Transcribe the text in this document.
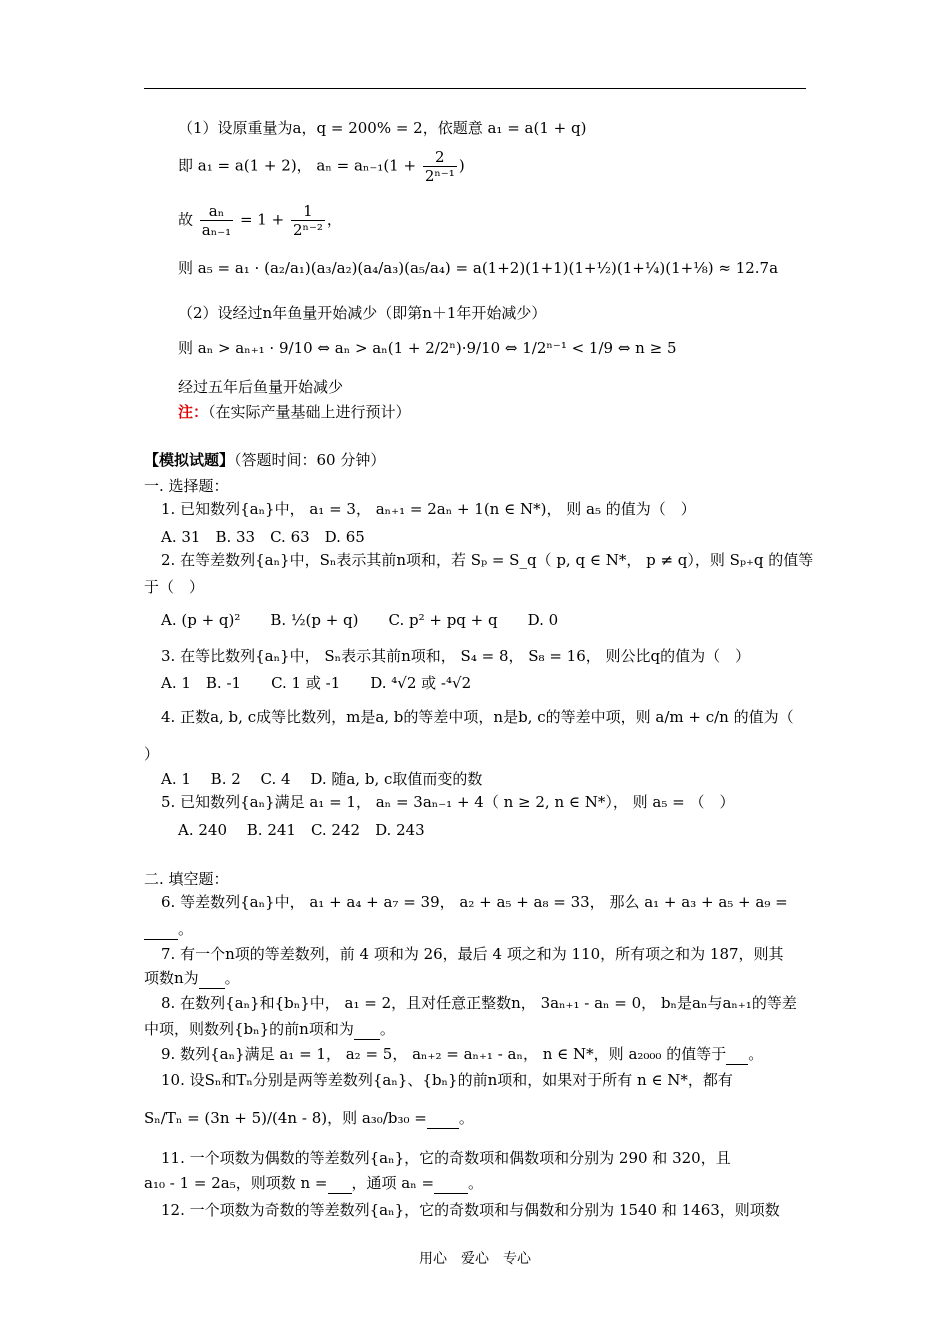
（1）设原重量为a，q = 200% = 2，依题意 a₁ = a(1 + q)
即 a₁ = a(1 + 2)， $a_n = a_{n-1}(1 + \frac{2}{\text{2ⁿ⁻¹}}$ )
故 $\frac{\text{aₙ}}{\text{aₙ₋₁}} = 1 + \frac{1}{\text{2ⁿ⁻²}}$ ，
则 a₅ = a₁ · (a₂/a₁)(a₃/a₂)(a₄/a₃)(a₅/a₄) = a(1+2)(1+1)(1+½)(1+¼)(1+⅛) ≈ 12.7a
（2）设经过n年鱼量开始减少（即第n＋1年开始减少）
则 aₙ > aₙ₊₁ · 9/10 ⇔ aₙ > aₙ(1 + 2/2ⁿ)·9/10 ⇔ 1/2ⁿ⁻¹ < 1/9 ⇔ n ≥ 5
经过五年后鱼量开始减少
注：（在实际产量基础上进行预计）
【模拟试题】（答题时间：60 分钟）
一. 选择题：
1. 已知数列{aₙ}中， a₁ = 3， aₙ₊₁ = 2aₙ + 1(n ∈ N*)， 则 a₅ 的值为（　）
A. 31　B. 33　C. 63　D. 65
2. 在等差数列{aₙ}中，Sₙ表示其前n项和，若 Sₚ = S_q（ p, q ∈ N*， p ≠ q），则 Sₚ₊q 的值等
于（　）
A. (p + q)²　　B. ½(p + q)　　C. p² + pq + q　　D. 0
3. 在等比数列{aₙ}中， Sₙ表示其前n项和， S₄ = 8， S₈ = 16， 则公比q的值为（　）
A. 1　B. -1　　C. 1 或 -1　　D. ⁴√2 或 -⁴√2
4. 正数a, b, c成等比数列，m是a, b的等差中项，n是b, c的等差中项，则 a/m + c/n 的值为（
）
A. 1　 B. 2　 C. 4　 D. 随a, b, c取值而变的数
5. 已知数列{aₙ}满足 a₁ = 1， aₙ = 3aₙ₋₁ + 4（ n ≥ 2, n ∈ N*）， 则 a₅ = （　）
A. 240　 B. 241　C. 242　D. 243
二. 填空题：
6. 等差数列{aₙ}中， a₁ + a₄ + a₇ = 39， a₂ + a₅ + a₈ = 33， 那么 a₁ + a₃ + a₅ + a₉ =
。
7. 有一个n项的等差数列，前 4 项和为 26，最后 4 项之和为 110，所有项之和为 187，则其
项数n为 。
8. 在数列{aₙ}和{bₙ}中， a₁ = 2，且对任意正整数n， 3aₙ₊₁ - aₙ = 0， bₙ是aₙ与aₙ₊₁的等差
中项，则数列{bₙ}的前n项和为 。
9. 数列{aₙ}满足 a₁ = 1， a₂ = 5， aₙ₊₂ = aₙ₊₁ - aₙ， n ∈ N*，则 a₂₀₀₀ 的值等于 。
10. 设Sₙ和Tₙ分别是两等差数列{aₙ}、{bₙ}的前n项和，如果对于所有 n ∈ N*，都有
Sₙ/Tₙ = (3n + 5)/(4n - 8)，则 a₃₀/b₃₀ = 。
11. 一个项数为偶数的等差数列{aₙ}，它的奇数项和偶数项和分别为 290 和 320，且
a₁₀ - 1 = 2a₅，则项数 n = ，通项 aₙ = 。
12. 一个项数为奇数的等差数列{aₙ}，它的奇数项和与偶数和分别为 1540 和 1463，则项数
用心　爱心　专心
